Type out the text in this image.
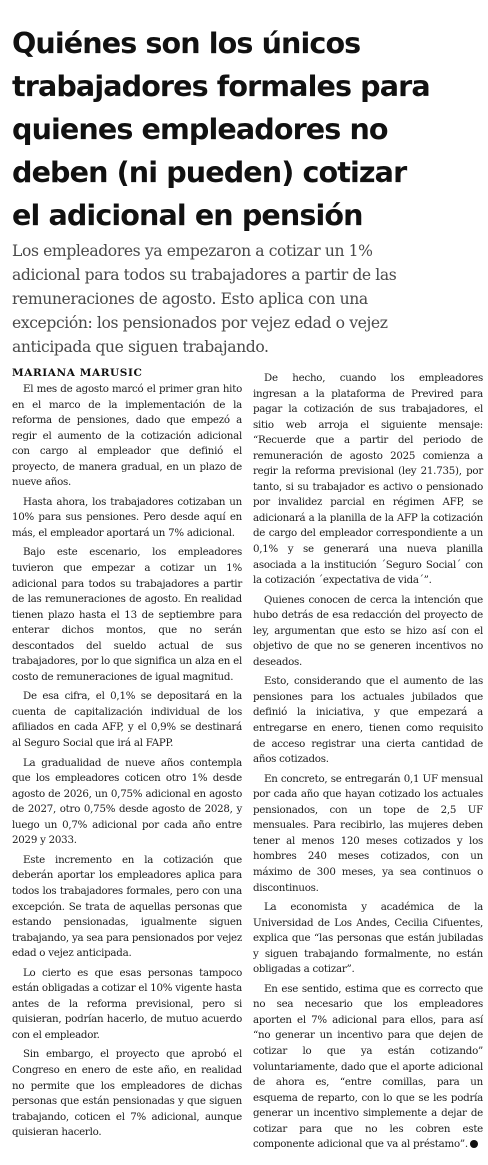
Quiénes son los únicos
trabajadores formales para
quienes empleadores no
deben (ni pueden) cotizar
el adicional en pensión

Los empleadores ya empezaron a cotizar un 1%
adicional para todos su trabajadores a partir de las
remuneraciones de agosto. Esto aplica con una
excepción: los pensionados por vejez edad o vejez
anticipada que siguen trabajando.

MARIANA MARUSIC

El mes de agosto marcó el primer gran hito en el marco de la implementación de la reforma de pensiones, dado que empezó a regir el aumento de la cotización adicional con cargo al empleador que definió el proyecto, de manera gradual, en un plazo de nueve años.

Hasta ahora, los trabajadores cotizaban un 10% para sus pensiones. Pero desde aquí en más, el empleador aportará un 7% adicional.

Bajo este escenario, los empleadores tuvieron que empezar a cotizar un 1% adicional para todos su trabajadores a partir de las remuneraciones de agosto. En realidad tienen plazo hasta el 13 de septiembre para enterar dichos montos, que no serán descontados del sueldo actual de sus trabajadores, por lo que significa un alza en el costo de remuneraciones de igual magnitud.

De esa cifra, el 0,1% se depositará en la cuenta de capitalización individual de los afiliados en cada AFP, y el 0,9% se destinará al Seguro Social que irá al FAPP.

La gradualidad de nueve años contempla que los empleadores coticen otro 1% desde agosto de 2026, un 0,75% adicional en agosto de 2027, otro 0,75% desde agosto de 2028, y luego un 0,7% adicional por cada año entre 2029 y 2033.

Este incremento en la cotización que deberán aportar los empleadores aplica para todos los trabajadores formales, pero con una excepción. Se trata de aquellas personas que estando pensionadas, igualmente siguen trabajando, ya sea para pensionados por vejez edad o vejez anticipada.

Lo cierto es que esas personas tampoco están obligadas a cotizar el 10% vigente hasta antes de la reforma previsional, pero si quisieran, podrían hacerlo, de mutuo acuerdo con el empleador.

Sin embargo, el proyecto que aprobó el Congreso en enero de este año, en realidad no permite que los empleadores de dichas personas que están pensionadas y que siguen trabajando, coticen el 7% adicional, aunque quisieran hacerlo.

De hecho, cuando los empleadores ingresan a la plataforma de Previred para pagar la cotización de sus trabajadores, el sitio web arroja el siguiente mensaje: “Recuerde que a partir del periodo de remuneración de agosto 2025 comienza a regir la reforma previsional (ley 21.735), por tanto, si su trabajador es activo o pensionado por invalidez parcial en régimen AFP, se adicionará a la planilla de la AFP la cotización de cargo del empleador correspondiente a un 0,1% y se generará una nueva planilla asociada a la institución ´Seguro Social´ con la cotización ´expectativa de vida´”.

Quienes conocen de cerca la intención que hubo detrás de esa redacción del proyecto de ley, argumentan que esto se hizo así con el objetivo de que no se generen incentivos no deseados.

Esto, considerando que el aumento de las pensiones para los actuales jubilados que definió la iniciativa, y que empezará a entregarse en enero, tienen como requisito de acceso registrar una cierta cantidad de años cotizados.

En concreto, se entregarán 0,1 UF mensual por cada año que hayan cotizado los actuales pensionados, con un tope de 2,5 UF mensuales. Para recibirlo, las mujeres deben tener al menos 120 meses cotizados y los hombres 240 meses cotizados, con un máximo de 300 meses, ya sea continuos o discontinuos.

La economista y académica de la Universidad de Los Andes, Cecilia Cifuentes, explica que “las personas que están jubiladas y siguen trabajando formalmente, no están obligadas a cotizar”.

En ese sentido, estima que es correcto que no sea necesario que los empleadores aporten el 7% adicional para ellos, para así “no generar un incentivo para que dejen de cotizar lo que ya están cotizando” voluntariamente, dado que el aporte adicional de ahora es, “entre comillas, para un esquema de reparto, con lo que se les podría generar un incentivo simplemente a dejar de cotizar para que no les cobren este componente adicional que va al préstamo”.
